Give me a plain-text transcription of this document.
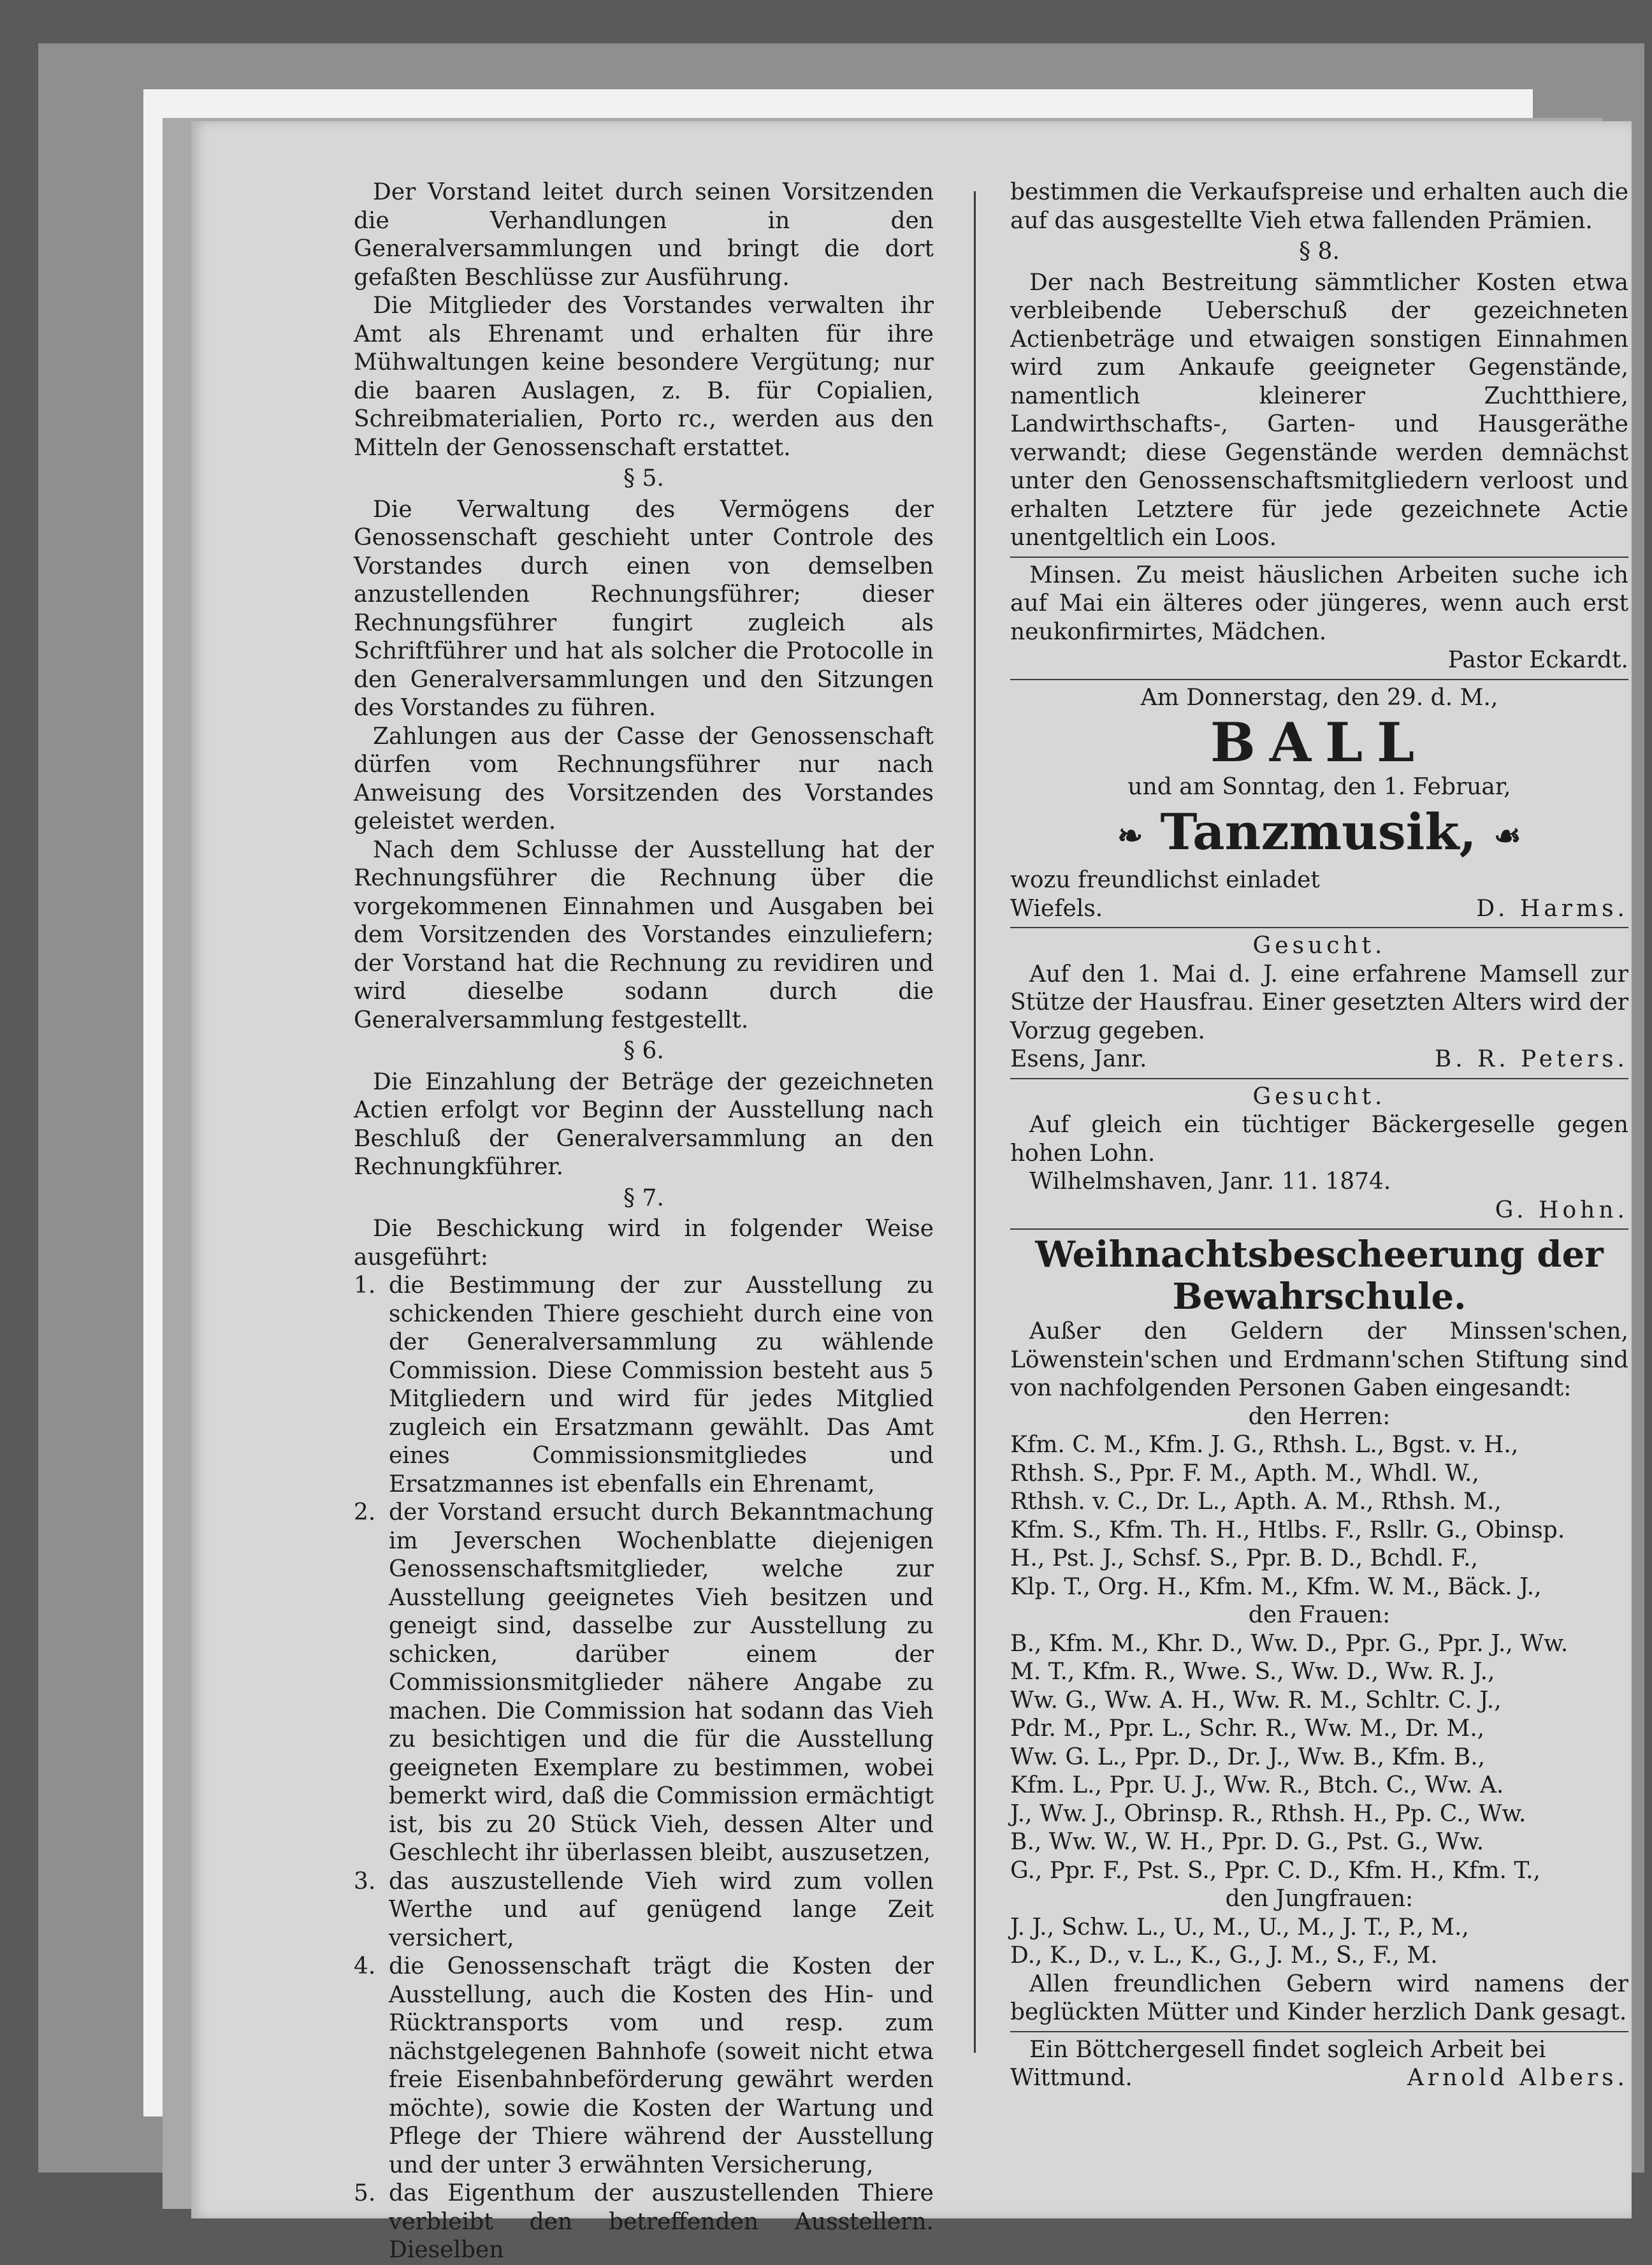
Der Vorstand leitet durch seinen Vorsitzenden die Verhandlungen in den Generalversammlungen und bringt die dort gefaßten Beschlüsse zur Ausführung.

Die Mitglieder des Vorstandes verwalten ihr Amt als Ehrenamt und erhalten für ihre Mühwaltungen keine besondere Vergütung; nur die baaren Auslagen, z. B. für Copialien, Schreibmaterialien, Porto rc., werden aus den Mitteln der Genossenschaft erstattet.

§ 5.

Die Verwaltung des Vermögens der Genossenschaft geschieht unter Controle des Vorstandes durch einen von demselben anzustellenden Rechnungsführer; dieser Rechnungsführer fungirt zugleich als Schriftführer und hat als solcher die Protocolle in den Generalversammlungen und den Sitzungen des Vorstandes zu führen.

Zahlungen aus der Casse der Genossenschaft dürfen vom Rechnungsführer nur nach Anweisung des Vorsitzenden des Vorstandes geleistet werden.

Nach dem Schlusse der Ausstellung hat der Rechnungsführer die Rechnung über die vorgekommenen Einnahmen und Ausgaben bei dem Vorsitzenden des Vorstandes einzuliefern; der Vorstand hat die Rechnung zu revidiren und wird dieselbe sodann durch die Generalversammlung festgestellt.

§ 6.

Die Einzahlung der Beträge der gezeichneten Actien erfolgt vor Beginn der Ausstellung nach Beschluß der Generalversammlung an den Rechnungkführer.

§ 7.

Die Beschickung wird in folgender Weise ausgeführt:

1. die Bestimmung der zur Ausstellung zu schickenden Thiere geschieht durch eine von der Generalversammlung zu wählende Commission. Diese Commission besteht aus 5 Mitgliedern und wird für jedes Mitglied zugleich ein Ersatzmann gewählt. Das Amt eines Commissionsmitgliedes und Ersatzmannes ist ebenfalls ein Ehrenamt,
2. der Vorstand ersucht durch Bekanntmachung im Jeverschen Wochenblatte diejenigen Genossenschaftsmitglieder, welche zur Ausstellung geeignetes Vieh besitzen und geneigt sind, dasselbe zur Ausstellung zu schicken, darüber einem der Commissionsmitglieder nähere Angabe zu machen. Die Commission hat sodann das Vieh zu besichtigen und die für die Ausstellung geeigneten Exemplare zu bestimmen, wobei bemerkt wird, daß die Commission ermächtigt ist, bis zu 20 Stück Vieh, dessen Alter und Geschlecht ihr überlassen bleibt, auszusetzen,
3. das auszustellende Vieh wird zum vollen Werthe und auf genügend lange Zeit versichert,
4. die Genossenschaft trägt die Kosten der Ausstellung, auch die Kosten des Hin- und Rücktransports vom und resp. zum nächstgelegenen Bahnhofe (soweit nicht etwa freie Eisenbahnbeförderung gewährt werden möchte), sowie die Kosten der Wartung und Pflege der Thiere während der Ausstellung und der unter 3 erwähnten Versicherung,
5. das Eigenthum der auszustellenden Thiere verbleibt den betreffenden Ausstellern. Dieselben

bestimmen die Verkaufspreise und erhalten auch die auf das ausgestellte Vieh etwa fallenden Prämien.

§ 8.

Der nach Bestreitung sämmtlicher Kosten etwa verbleibende Ueberschuß der gezeichneten Actienbeträge und etwaigen sonstigen Einnahmen wird zum Ankaufe geeigneter Gegenstände, namentlich kleinerer Zuchtthiere, Landwirthschafts-, Garten- und Hausgeräthe verwandt; diese Gegenstände werden demnächst unter den Genossenschaftsmitgliedern verloost und erhalten Letztere für jede gezeichnete Actie unentgeltlich ein Loos.

Minsen. Zu meist häuslichen Arbeiten suche ich auf Mai ein älteres oder jüngeres, wenn auch erst neukonfirmirtes, Mädchen.

Pastor Eckardt.

Am Donnerstag, den 29. d. M.,

BALL

und am Sonntag, den 1. Februar,

❧ Tanzmusik, ☙

wozu freundlichst einladet

Wiefels.	D. Harms.

Gesucht.

Auf den 1. Mai d. J. eine erfahrene Mamsell zur Stütze der Hausfrau. Einer gesetzten Alters wird der Vorzug gegeben.

Esens, Janr.	B. R. Peters.

Gesucht.

Auf gleich ein tüchtiger Bäckergeselle gegen hohen Lohn.

Wilhelmshaven, Janr. 11. 1874.

G. Hohn.

Weihnachtsbescheerung der
Bewahrschule.

Außer den Geldern der Minssen'schen, Löwenstein'schen und Erdmann'schen Stiftung sind von nachfolgenden Personen Gaben eingesandt:

den Herren:

Kfm. C. M., Kfm. J. G., Rthsh. L., Bgst. v. H.,

Rthsh. S., Ppr. F. M., Apth. M., Whdl. W.,

Rthsh. v. C., Dr. L., Apth. A. M., Rthsh. M.,

Kfm. S., Kfm. Th. H., Htlbs. F., Rsllr. G., Obinsp.

H., Pst. J., Schsf. S., Ppr. B. D., Bchdl. F.,

Klp. T., Org. H., Kfm. M., Kfm. W. M., Bäck. J.,

den Frauen:

B., Kfm. M., Khr. D., Ww. D., Ppr. G., Ppr. J., Ww.

M. T., Kfm. R., Wwe. S., Ww. D., Ww. R. J.,

Ww. G., Ww. A. H., Ww. R. M., Schltr. C. J.,

Pdr. M., Ppr. L., Schr. R., Ww. M., Dr. M.,

Ww. G. L., Ppr. D., Dr. J., Ww. B., Kfm. B.,

Kfm. L., Ppr. U. J., Ww. R., Btch. C., Ww. A.

J., Ww. J., Obrinsp. R., Rthsh. H., Pp. C., Ww.

B., Ww. W., W. H., Ppr. D. G., Pst. G., Ww.

G., Ppr. F., Pst. S., Ppr. C. D., Kfm. H., Kfm. T.,

den Jungfrauen:

J. J., Schw. L., U., M., U., M., J. T., P., M.,

D., K., D., v. L., K., G., J. M., S., F., M.

Allen freundlichen Gebern wird namens der beglückten Mütter und Kinder herzlich Dank gesagt.

Ein Böttchergesell findet sogleich Arbeit bei

Wittmund.	Arnold Albers.
